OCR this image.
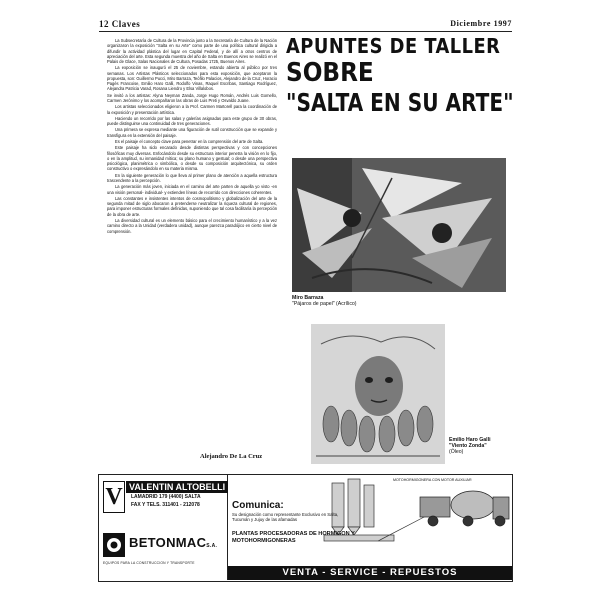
12 Claves	Diciembre 1997
APUNTES DE TALLER
SOBRE
"SALTA EN SU ARTE"

La Subsecretaría de Cultura de la Provincia junto a la Secretaría de Cultura de la Nación organizaron la exposición "Salta en su Arte" como parte de una política cultural dirigida a difundir la actividad plástica del lugar en Capital Federal, y de allí a otros centros de apreciación del arte. Esta segunda muestra del año de Salta en Buenos Aires se realizó en el Palais de Glace, Salas Nacionales de Cultura, Posadas 1725, Buenos Aires.

La exposición se inauguró el 25 de noviembre, estando abierta al público por tres semanas. Los Artistas Plásticos seleccionados para esta exposición, que aceptaron la propuesta, son: Guillermo Pucci, Miro Barraza, Teófilo Palacios, Alejandro de la Cruz, Horacio Pagés Francoise, Emilio Haro Galli, Rodolfo Vinas, Raquel Escribas, Santiago Rodríguez, Alejandra Patricia Varad, Rosana Liendro y Elsa Villalobos.

Se invitó a los artistas: Alyna Neyman Zanda, Jorge Hugo Román, Andrés Luis Gomello, Carmen Jerónimo y los acompañaron las obras de Luis Preti y Osvaldo Juane.

Los artistas seleccionados eligieron a la Prof. Carmen Martorell para la coordinación de la exposición y presentación artística.

Haciendo un recorrido por las salas y galerías asignadas para este grupo de 30 obras, puede distinguirse una continuidad de tres generaciones.

Una primera se expresa mediante una figuración de sutil construcción que se expande y transfigura en la extensión del paisaje.

Es el paisaje el concepto clave para penetrar en la comprensión del arte de Salta.

Este paisaje ha sido encarado desde distintas perspectivas y con concepciones filosóficas muy diversas. Enfocándolo desde su estructura interior penetra la visión en lo fijo, o en la amplitud, su inmanidad mítica; su plano humano y gestual; o desde una perspectiva psicológica, planimétrica o simbólica, o desde su composición arquitectónica, su orden constructivo o expresándolo en su materia misma.

En la siguiente generación lo que lleva al primer plano de atención a aquella estructura trascendente a la percepción.

La generación más joven, iniciada en el camino del arte parten de aquella yo visto -en una visión personal- individual- y extienden líneas de recorrido con direcciones coherentes.

Las constantes e insistentes intentos de cosmopolitismo y globalización del arte de la segunda mitad de siglo abocaron a pretenderse neutralizar la riqueza cultural de regiones, para imponer estructuras formales definidas, suponiendo que tal cosa facilitaría la percepción de la obra de arte.

La diversidad cultural es un elemento básico para el crecimiento humanístico y a la vez camino directo a la Unidad (verdadera unidad), aunque parezca paradójico en cierto nivel de comprensión.

Alejandro De La Cruz
Miro Barraza
"Pájaros de papel" (Acrílico)
Emilio Haro Galli
"Viento Zonda"
(Óleo)
V VALENTIN ALTOBELLI
LAMADRID 179 (4400) SALTA
FAX Y TELS. 311401 - 212078
BETONMACS.A.
EQUIPOS PARA LA CONSTRUCCION Y TRANSPORTE
MOTOHORMIGONERA CON MOTOR AUXILIAR
Comunica:
Su designación como representante Exclusivo en Salta, Tucumán y Jujuy de las afamadas
PLANTAS PROCESADORAS DE HORMIGON Y MOTOHORMIGONERAS
VENTA - SERVICE - REPUESTOS
